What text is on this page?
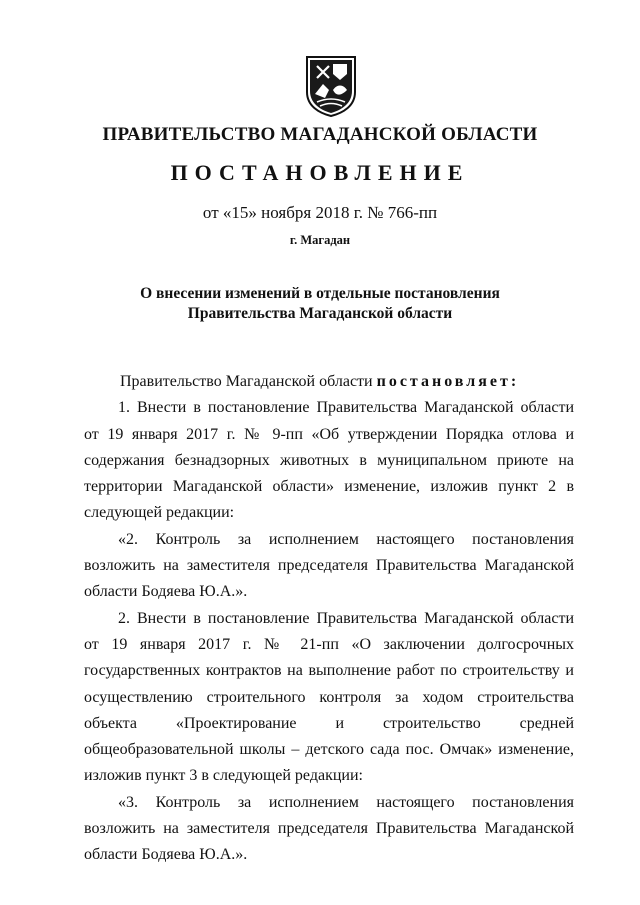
ПРАВИТЕЛЬСТВО МАГАДАНСКОЙ ОБЛАСТИ
ПОСТАНОВЛЕНИЕ
от «15» ноября 2018 г. № 766-пп
г. Магадан
О внесении изменений в отдельные постановления
Правительства Магаданской области

Правительство Магаданской области постановляет:

1. Внести в постановление Правительства Магаданской области от 19 января 2017 г. № 9-пп «Об утверждении Порядка отлова и содержания безнадзорных животных в муниципальном приюте на территории Магаданской области» изменение, изложив пункт 2 в следующей редакции:

«2. Контроль за исполнением настоящего постановления возложить на заместителя председателя Правительства Магаданской области Бодяева Ю.А.».

2. Внести в постановление Правительства Магаданской области от 19 января 2017 г. № 21-пп «О заключении долгосрочных государственных контрактов на выполнение работ по строительству и осуществлению строительного контроля за ходом строительства объекта «Проектирование и строительство средней общеобразовательной школы – детского сада пос. Омчак» изменение, изложив пункт 3 в следующей редакции:

«3. Контроль за исполнением настоящего постановления возложить на заместителя председателя Правительства Магаданской области Бодяева Ю.А.».
